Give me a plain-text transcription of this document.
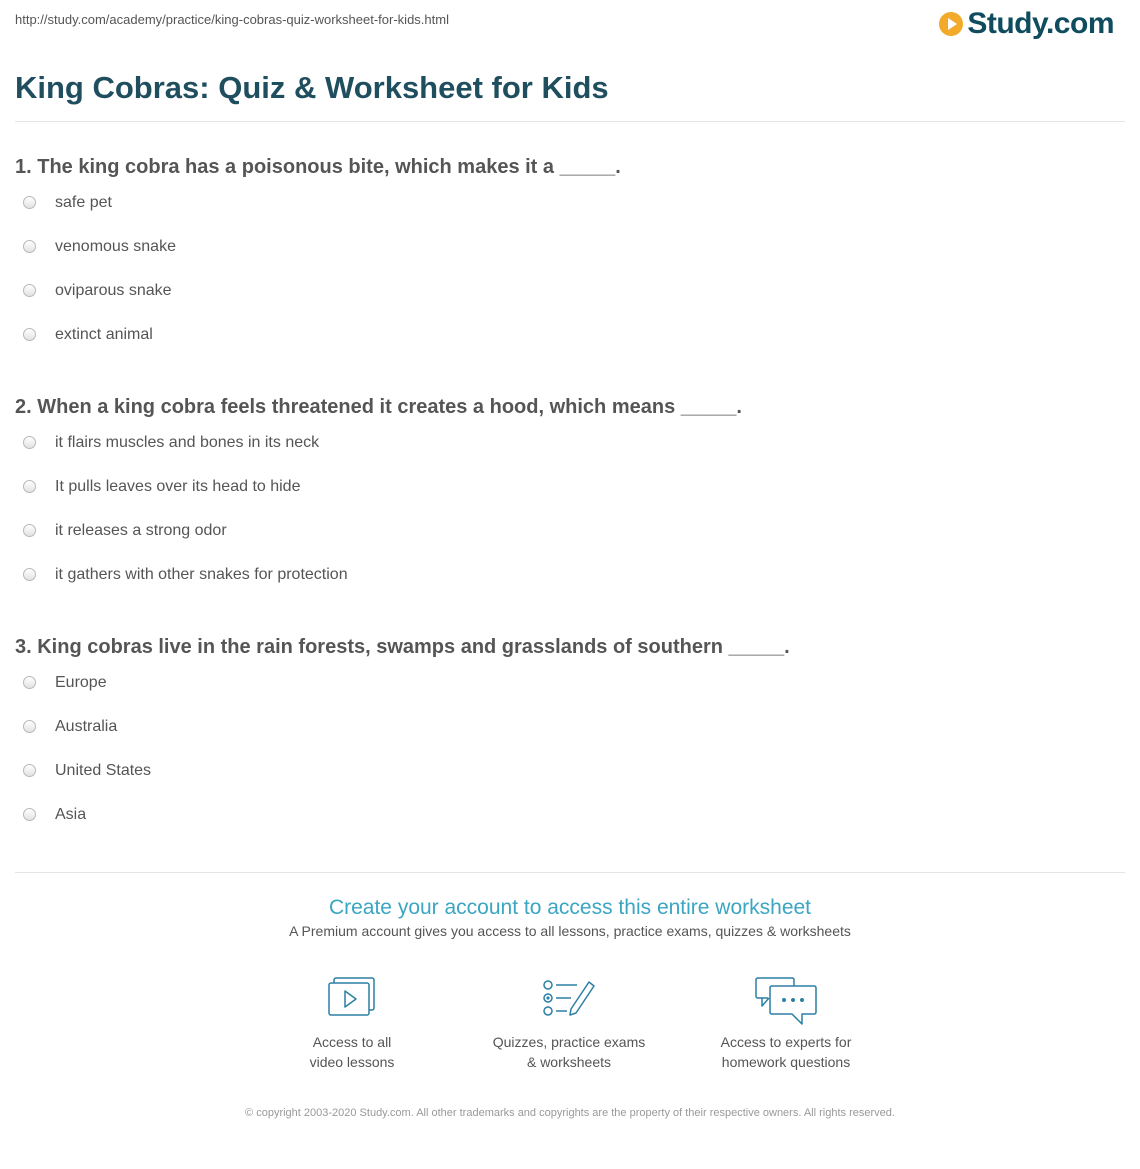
http://study.com/academy/practice/king-cobras-quiz-worksheet-for-kids.html	Study.com
King Cobras: Quiz & Worksheet for Kids
1. The king cobra has a poisonous bite, which makes it a _____.
safe pet
venomous snake
oviparous snake
extinct animal
2. When a king cobra feels threatened it creates a hood, which means _____.
it flairs muscles and bones in its neck
It pulls leaves over its head to hide
it releases a strong odor
it gathers with other snakes for protection
3. King cobras live in the rain forests, swamps and grasslands of southern _____.
Europe
Australia
United States
Asia
Create your account to access this entire worksheet
A Premium account gives you access to all lessons, practice exams, quizzes & worksheets
Access to all
video lessons
Quizzes, practice exams
& worksheets
Access to experts for
homework questions
© copyright 2003-2020 Study.com. All other trademarks and copyrights are the property of their respective owners. All rights reserved.
